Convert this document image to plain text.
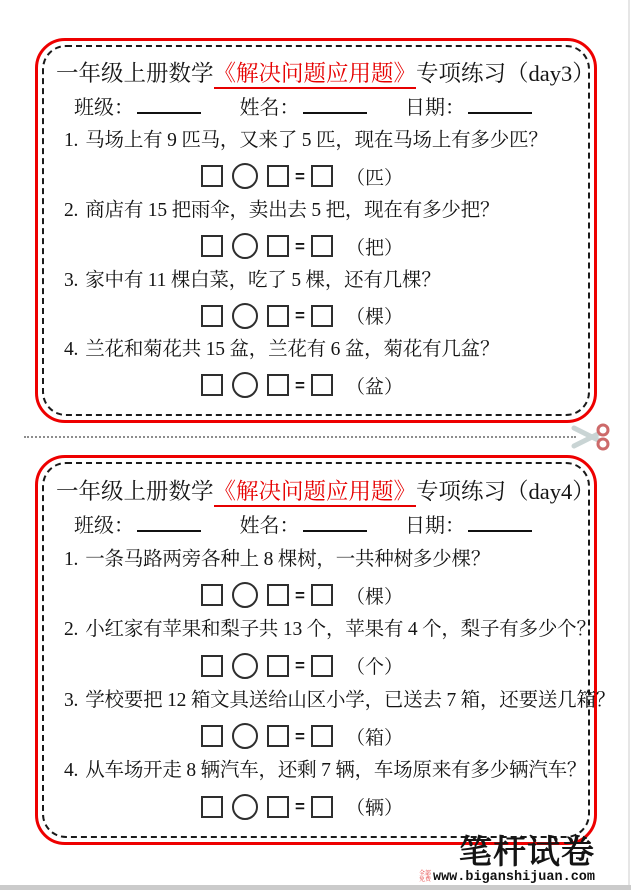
一年级上册数学《解决问题应用题》专项练习（day3）
班级：	姓名：	日期：

1. 马场上有 9 匹马，又来了 5 匹，现在马场上有多少匹？

= （匹）

2. 商店有 15 把雨伞，卖出去 5 把，现在有多少把？

= （把）

3. 家中有 11 棵白菜，吃了 5 棵，还有几棵？

= （棵）

4. 兰花和菊花共 15 盆，兰花有 6 盆，菊花有几盆？

= （盆）
一年级上册数学《解决问题应用题》专项练习（day4）
班级：	姓名：	日期：

1. 一条马路两旁各种上 8 棵树，一共种树多少棵？

= （棵）

2. 小红家有苹果和梨子共 13 个，苹果有 4 个，梨子有多少个？

= （个）

3. 学校要把 12 箱文具送给山区小学，已送去 7 箱，还要送几箱？

= （箱）

4. 从车场开走 8 辆汽车，还剩 7 辆，车场原来有多少辆汽车？

= （辆）
笔杆试卷
全部免费 www.biganshijuan.com
